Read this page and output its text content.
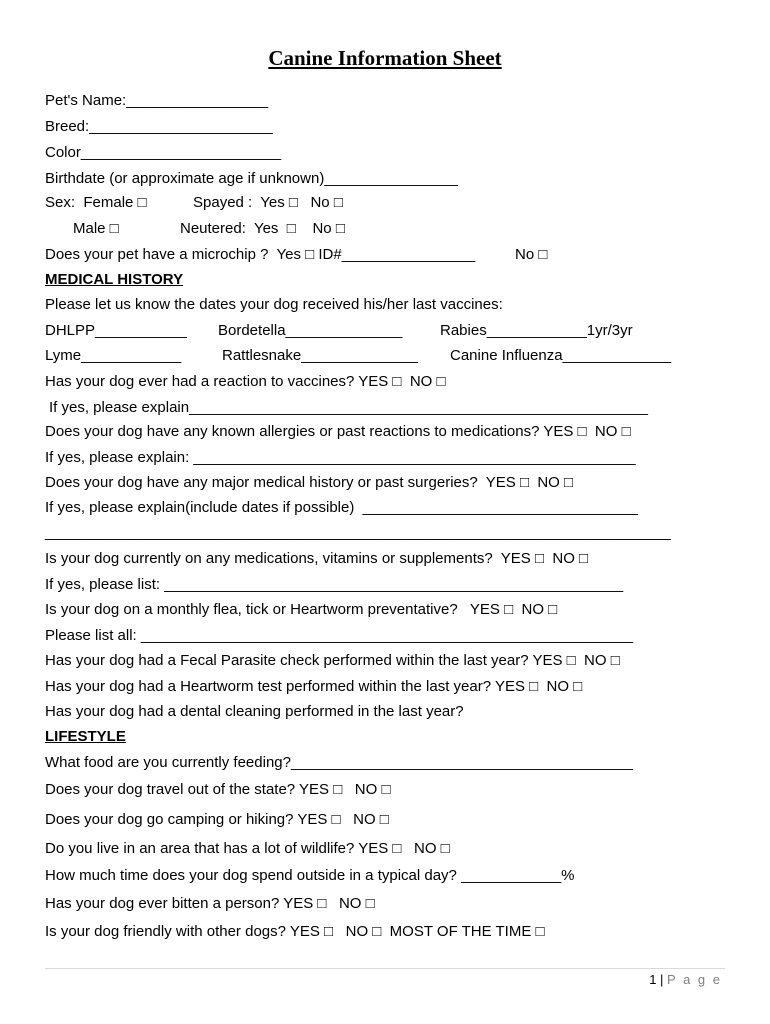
Canine Information Sheet
Pet's Name:_________________
Breed:______________________
Color________________________
Birthdate (or approximate age if unknown)________________
Sex:  Female □	Spayed :  Yes □   No □
Male □	Neutered:  Yes  □    No □
Does your pet have a microchip ?  Yes □ ID#________________	No □
MEDICAL HISTORY
Please let us know the dates your dog received his/her last vaccines:
DHLPP___________ Bordetella______________	Rabies____________1yr/3yr
Lyme____________	Rattlesnake______________ Canine Influenza_____________
Has your dog ever had a reaction to vaccines? YES □  NO □
If yes, please explain_______________________________________________________
Does your dog have any known allergies or past reactions to medications? YES □  NO □
If yes, please explain: _____________________________________________________
Does your dog have any major medical history or past surgeries?  YES □  NO □
If yes, please explain(include dates if possible)  _________________________________
___________________________________________________________________________
Is your dog currently on any medications, vitamins or supplements?  YES □  NO □
If yes, please list: _______________________________________________________
Is your dog on a monthly flea, tick or Heartworm preventative?   YES □  NO □
Please list all: ___________________________________________________________
Has your dog had a Fecal Parasite check performed within the last year? YES □  NO □
Has your dog had a Heartworm test performed within the last year? YES □  NO □
Has your dog had a dental cleaning performed in the last year?
LIFESTYLE
What food are you currently feeding?_________________________________________
Does your dog travel out of the state? YES □   NO □
Does your dog go camping or hiking? YES □   NO □
Do you live in an area that has a lot of wildlife? YES □   NO □
How much time does your dog spend outside in a typical day? ____________%
Has your dog ever bitten a person? YES □   NO □
Is your dog friendly with other dogs? YES □   NO □  MOST OF THE TIME □
1 | P a g e
